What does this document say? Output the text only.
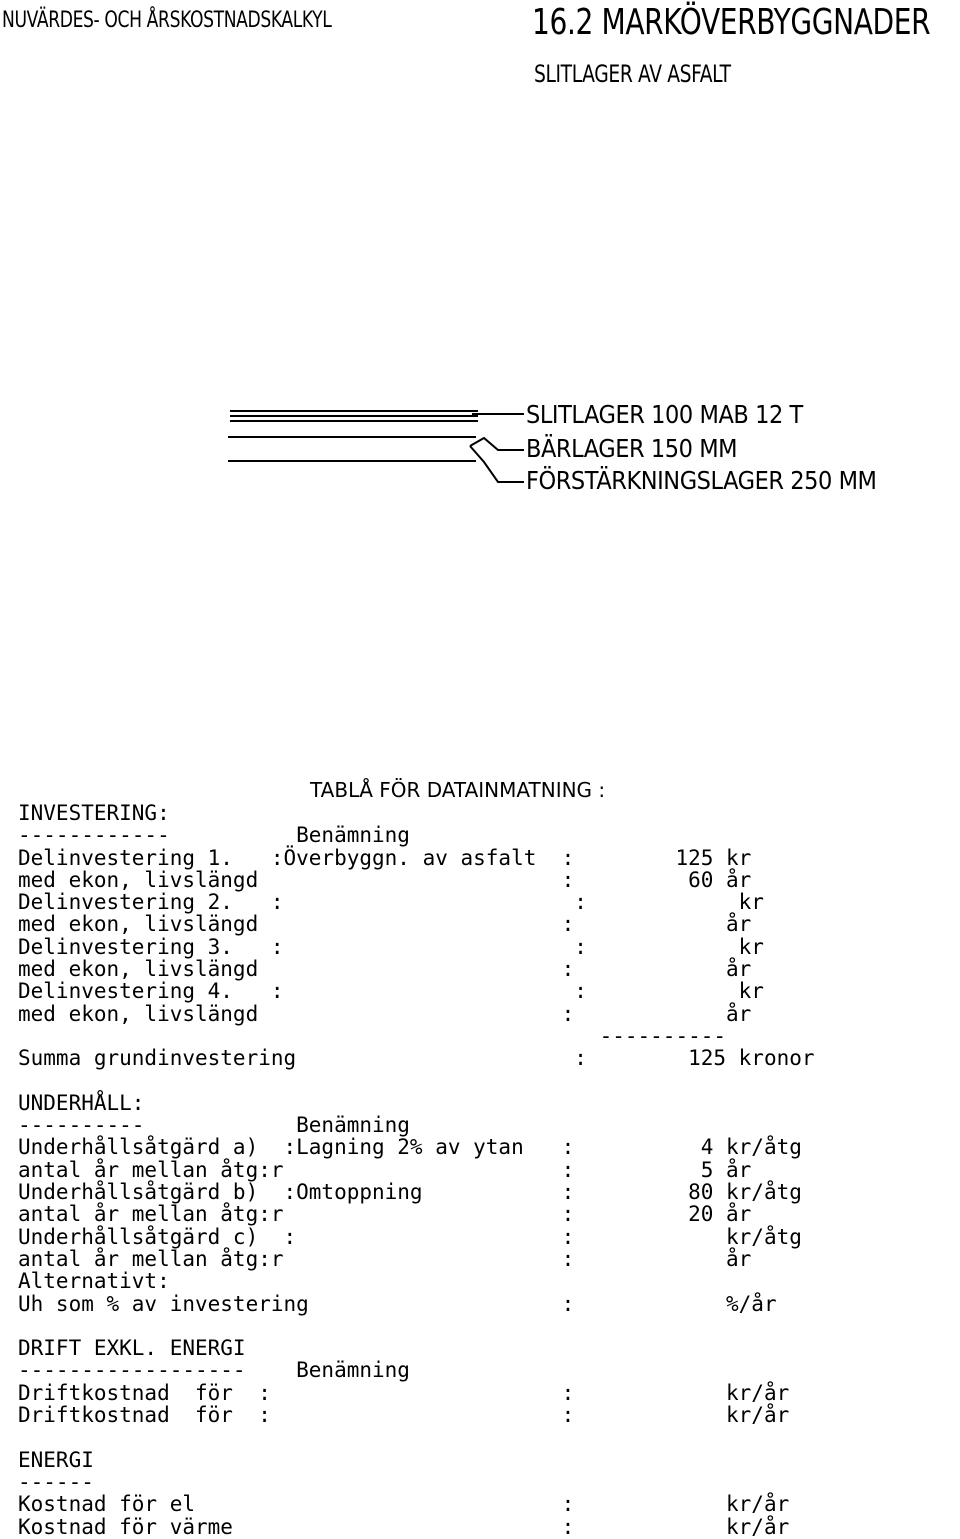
NUVÄRDES- OCH ÅRSKOSTNADSKALKYL	16.2 MARKÖVERBYGGNADER
SLITLAGER AV ASFALT
SLITLAGER 100 MAB 12 T
BÄRLAGER 150 MM
FÖRSTÄRKNINGSLAGER 250 MM
TABLÅ FÖR DATAINMATNING :
INVESTERING:
------------          Benämning
Delinvestering 1.   :Överbyggn. av asfalt  :        125 kr
med ekon, livslängd                        :         60 år
Delinvestering 2.   :                       :            kr
med ekon, livslängd                        :            år
Delinvestering 3.   :                       :            kr
med ekon, livslängd                        :            år
Delinvestering 4.   :                       :            kr
med ekon, livslängd                        :            år
----------
Summa grundinvestering                      :        125 kronor

UNDERHÅLL:
----------            Benämning
Underhållsåtgärd a)  :Lagning 2% av ytan   :          4 kr/åtg
antal år mellan åtg:r                      :          5 år
Underhållsåtgärd b)  :Omtoppning           :         80 kr/åtg
antal år mellan åtg:r                      :         20 år
Underhållsåtgärd c)  :                     :            kr/åtg
antal år mellan åtg:r                      :            år
Alternativt:
Uh som % av investering                    :            %/år

DRIFT EXKL. ENERGI
------------------    Benämning
Driftkostnad  för  :                       :            kr/år
Driftkostnad  för  :                       :            kr/år

ENERGI
------
Kostnad för el                             :            kr/år
Kostnad för värme                          :            kr/år
